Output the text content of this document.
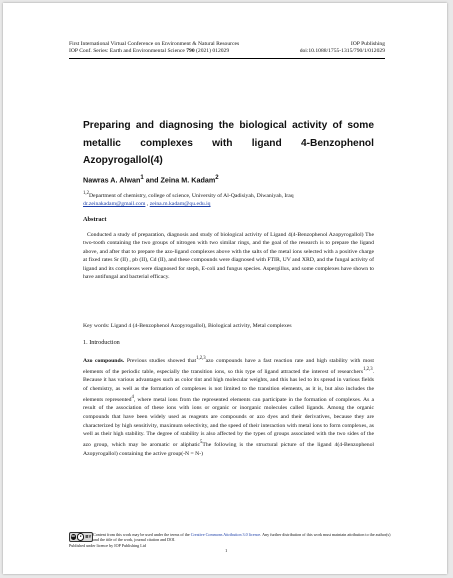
First International Virtual Conference on Environment & Natural Resources
IOP Conf. Series: Earth and Environmental Science 790 (2021) 012029
IOP Publishing
doi:10.1088/1755-1315/790/1/012029
Preparing and diagnosing the biological activity of some metallic complexes with ligand 4-Benzophenol Azopyrogallol(4)
Nawras A. Alwan$^1$ and Zeina M. Kadam$^2$
$^{1,2}$Department of chemistry, college of science, University of Al-Qadisiyah, Diwaniyah, Iraq
dr.zeinakadam@gmail.com , zeina.m.kadam@qu.edu.iq
Abstract

Conducted a study of preparation, diagnosis and study of biological activity of Ligand 4(4-Benzophenol Azopyrogallol) The two-tooth containing the two groups of nitrogen with two similar rings, and the goal of the research is to prepare the ligand above, and after that to prepare the azo-ligand complexes above with the salts of the metal ions selected with a positive charge at fixed rates Sr (II) , pb (II), Cd (II), and these compounds were diagnosed with FTIR, UV and XRD, and the fungal activity of ligand and its complexes were diagnosed for steph, E-coli and fungus species. Aspergillus, and some complexes have shown to have antifungal and bacterial efficacy.

Key words: Ligand 4 (4-Benzophenol Azopyrogallol), Biological activity, Metal complexes
1. Introduction

Azo compounds. Previous studies showed that$^{1,2,3}$azo compounds have a fast reaction rate and high stability with most elements of the periodic table, especially the transition ions, so this type of ligand attracted the interest of researchers$^{1,2,3}$. Because it has various advantages such as color tint and high molecular weights, and this has led to its spread in various fields of chemistry, as well as the formation of complexes is not limited to the transition elements, as it is, but also includes the elements represented$^4$, where metal ions from the represented elements can participate in the formation of complexes. As a result of the association of these ions with ions or organic or inorganic molecules called ligands. Among the organic compounds that have been widely used as reagents are compounds or azo dyes and their derivatives, because they are characterized by high sensitivity, maximum selectivity, and the speed of their interaction with metal ions to form complexes, as well as their high stability. The degree of stability is also affected by the types of groups associated with the two sides of the azo group, which may be aromatic or aliphatic$^5$The following is the structural picture of the ligand 4(4-Benzophenol Azopyrogallol) containing the active group(-N = N-)

cc	● BY Content from this work may be used under the terms of the Creative Commons Attribution 3.0 licence. Any further distribution of this work must maintain attribution to the author(s) and the title of the work, journal citation and DOI.
Published under licence by IOP Publishing Ltd
1
